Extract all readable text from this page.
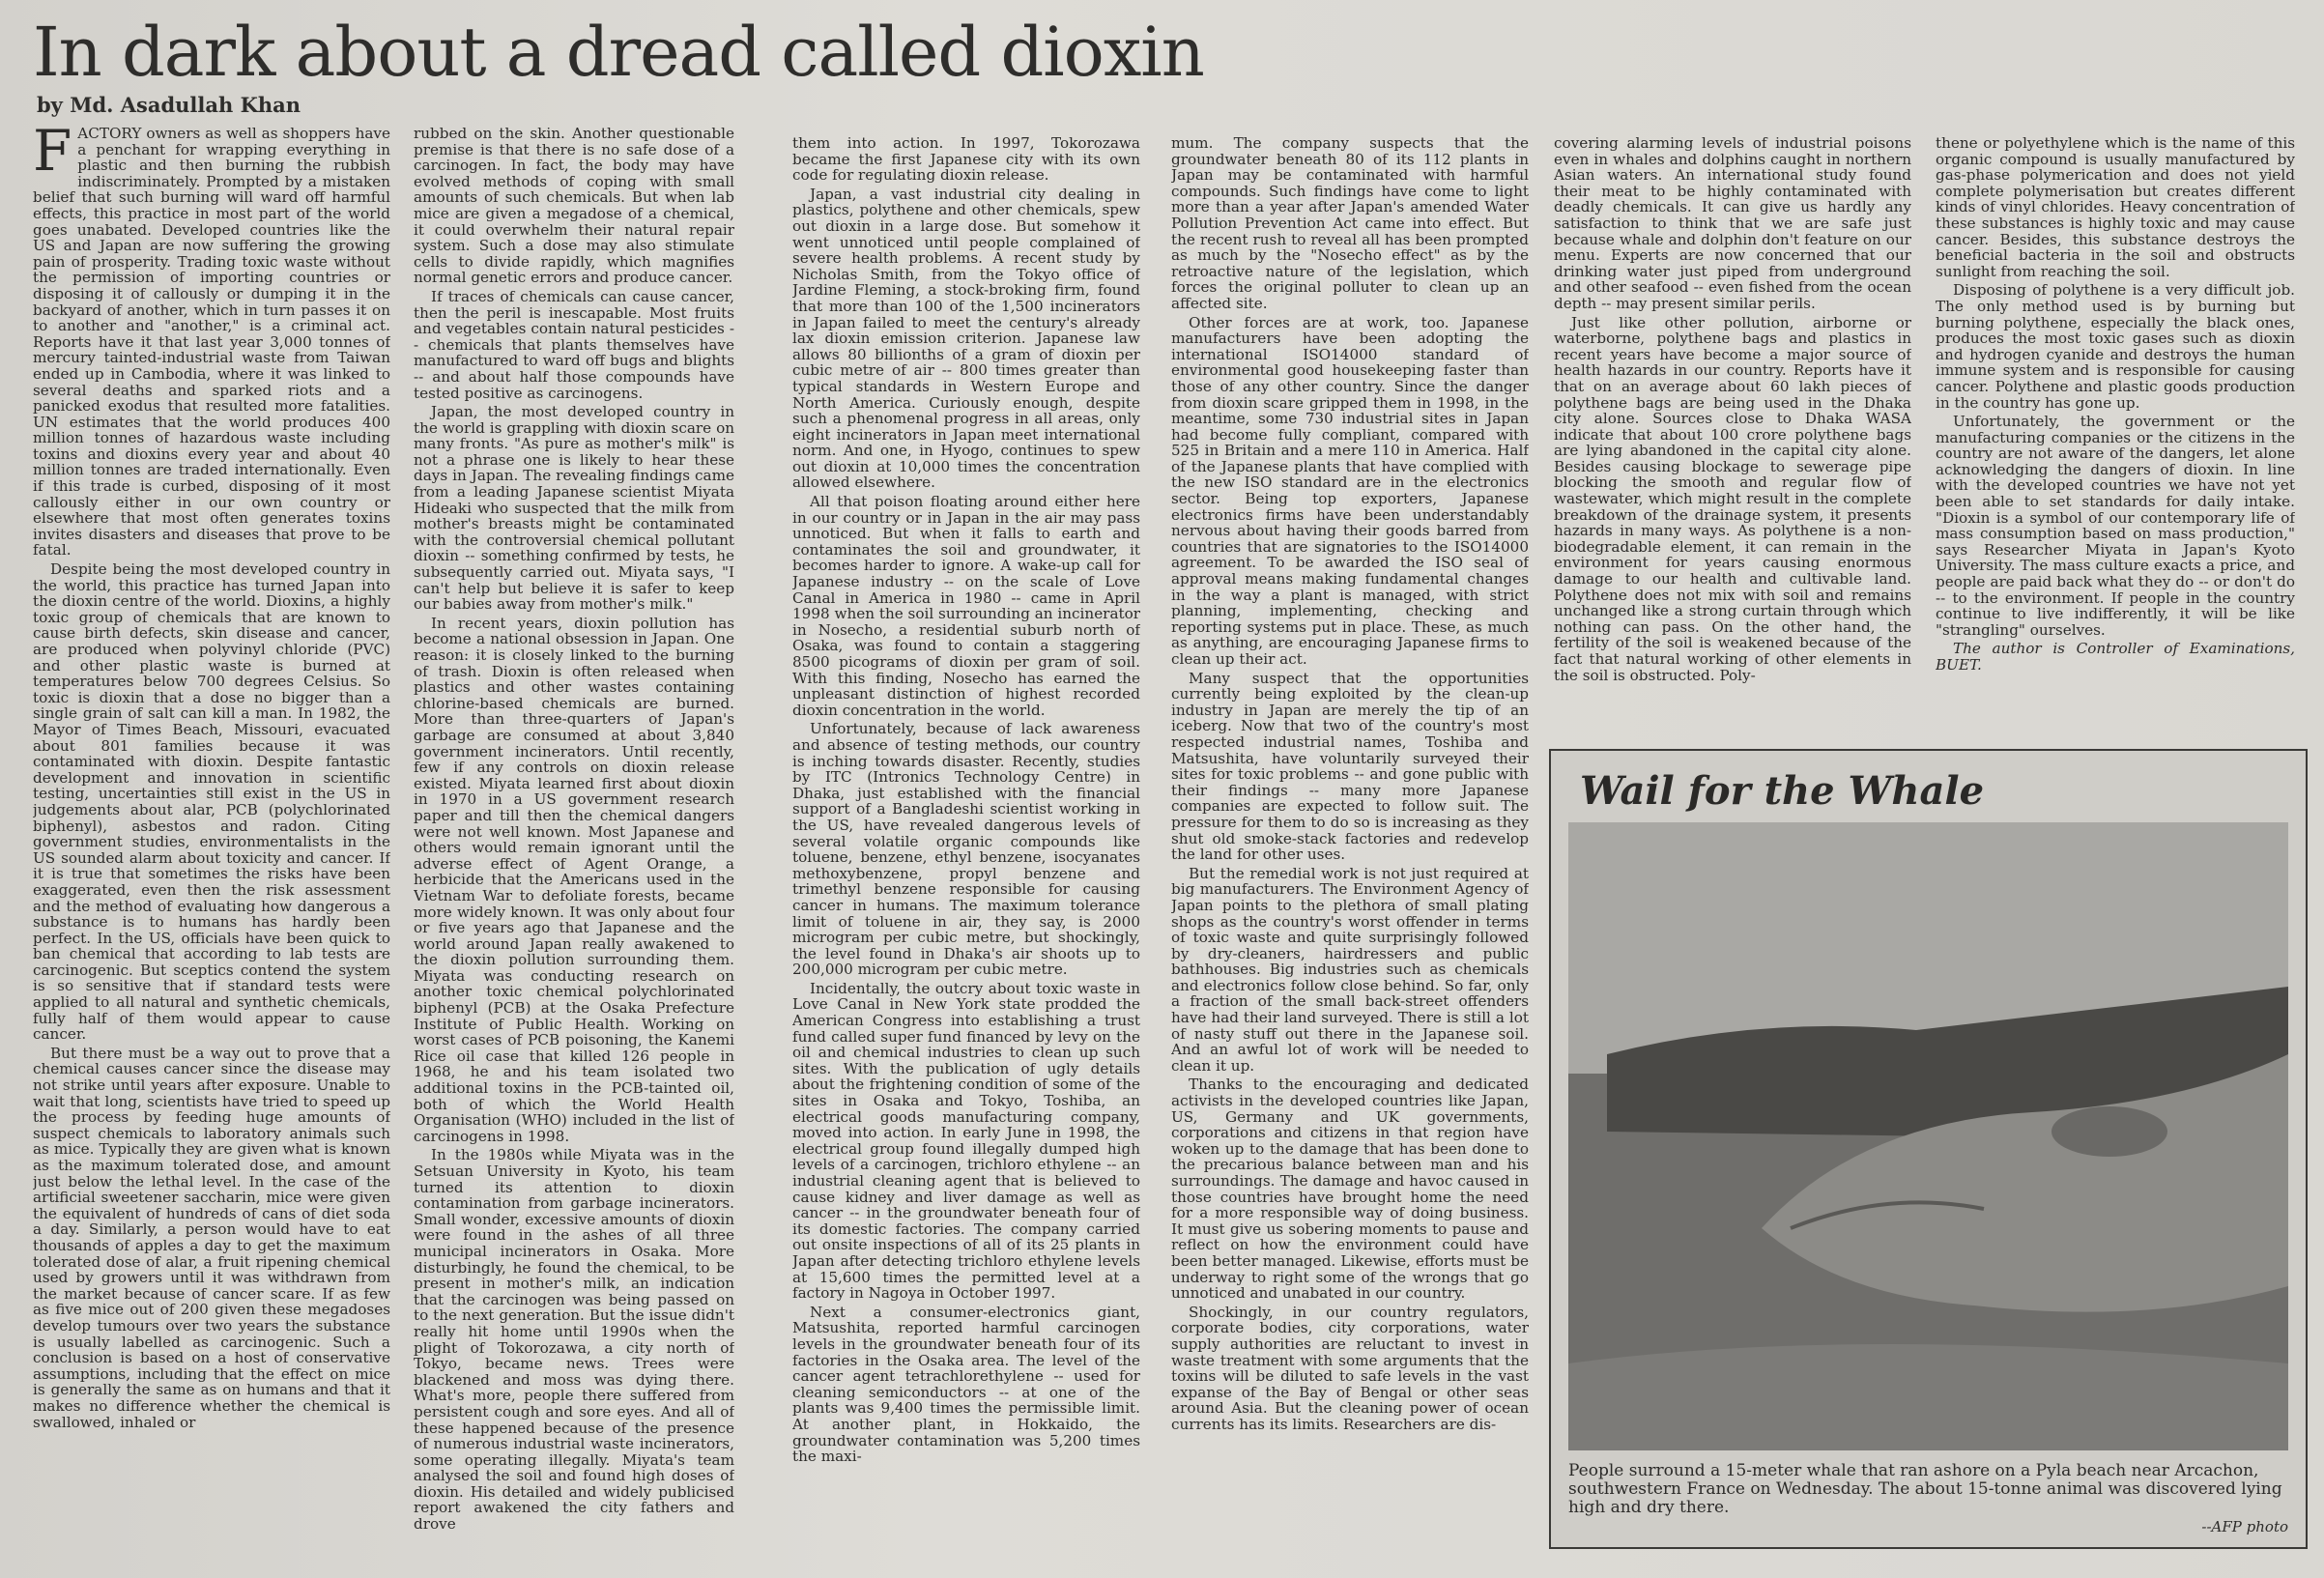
In dark about a dread called dioxin
by Md. Asadullah Khan

FACTORY owners as well as shoppers have a penchant for wrapping everything in plastic and then burning the rubbish indiscriminately. Prompted by a mistaken belief that such burning will ward off harmful effects, this practice in most part of the world goes unabated. Developed countries like the US and Japan are now suffering the growing pain of prosperity. Trading toxic waste without the permission of importing countries or disposing it of callously or dumping it in the backyard of another, which in turn passes it on to another and "another," is a criminal act. Reports have it that last year 3,000 tonnes of mercury tainted-industrial waste from Taiwan ended up in Cambodia, where it was linked to several deaths and sparked riots and a panicked exodus that resulted more fatalities. UN estimates that the world produces 400 million tonnes of hazardous waste including toxins and dioxins every year and about 40 million tonnes are traded internationally. Even if this trade is curbed, disposing of it most callously either in our own country or elsewhere that most often generates toxins invites disasters and diseases that prove to be fatal.

Despite being the most developed country in the world, this practice has turned Japan into the dioxin centre of the world. Dioxins, a highly toxic group of chemicals that are known to cause birth defects, skin disease and cancer, are produced when polyvinyl chloride (PVC) and other plastic waste is burned at temperatures below 700 degrees Celsius. So toxic is dioxin that a dose no bigger than a single grain of salt can kill a man. In 1982, the Mayor of Times Beach, Missouri, evacuated about 801 families because it was contaminated with dioxin. Despite fantastic development and innovation in scientific testing, uncertainties still exist in the US in judgements about alar, PCB (polychlorinated biphenyl), asbestos and radon. Citing government studies, environmentalists in the US sounded alarm about toxicity and cancer. If it is true that sometimes the risks have been exaggerated, even then the risk assessment and the method of evaluating how dangerous a substance is to humans has hardly been perfect. In the US, officials have been quick to ban chemical that according to lab tests are carcinogenic. But sceptics contend the system is so sensitive that if standard tests were applied to all natural and synthetic chemicals, fully half of them would appear to cause cancer.

But there must be a way out to prove that a chemical causes cancer since the disease may not strike until years after exposure. Unable to wait that long, scientists have tried to speed up the process by feeding huge amounts of suspect chemicals to laboratory animals such as mice. Typically they are given what is known as the maximum tolerated dose, and amount just below the lethal level. In the case of the artificial sweetener saccharin, mice were given the equivalent of hundreds of cans of diet soda a day. Similarly, a person would have to eat thousands of apples a day to get the maximum tolerated dose of alar, a fruit ripening chemical used by growers until it was withdrawn from the market because of cancer scare. If as few as five mice out of 200 given these megadoses develop tumours over two years the substance is usually labelled as carcinogenic. Such a conclusion is based on a host of conservative assumptions, including that the effect on mice is generally the same as on humans and that it makes no difference whether the chemical is swallowed, inhaled or

rubbed on the skin. Another questionable premise is that there is no safe dose of a carcinogen. In fact, the body may have evolved methods of coping with small amounts of such chemicals. But when lab mice are given a megadose of a chemical, it could overwhelm their natural repair system. Such a dose may also stimulate cells to divide rapidly, which magnifies normal genetic errors and produce cancer.

If traces of chemicals can cause cancer, then the peril is inescapable. Most fruits and vegetables contain natural pesticides -- chemicals that plants themselves have manufactured to ward off bugs and blights -- and about half those compounds have tested positive as carcinogens.

Japan, the most developed country in the world is grappling with dioxin scare on many fronts. "As pure as mother's milk" is not a phrase one is likely to hear these days in Japan. The revealing findings came from a leading Japanese scientist Miyata Hideaki who suspected that the milk from mother's breasts might be contaminated with the controversial chemical pollutant dioxin -- something confirmed by tests, he subsequently carried out. Miyata says, "I can't help but believe it is safer to keep our babies away from mother's milk."

In recent years, dioxin pollution has become a national obsession in Japan. One reason: it is closely linked to the burning of trash. Dioxin is often released when plastics and other wastes containing chlorine-based chemicals are burned. More than three-quarters of Japan's garbage are consumed at about 3,840 government incinerators. Until recently, few if any controls on dioxin release existed. Miyata learned first about dioxin in 1970 in a US government research paper and till then the chemical dangers were not well known. Most Japanese and others would remain ignorant until the adverse effect of Agent Orange, a herbicide that the Americans used in the Vietnam War to defoliate forests, became more widely known. It was only about four or five years ago that Japanese and the world around Japan really awakened to the dioxin pollution surrounding them. Miyata was conducting research on another toxic chemical polychlorinated biphenyl (PCB) at the Osaka Prefecture Institute of Public Health. Working on worst cases of PCB poisoning, the Kanemi Rice oil case that killed 126 people in 1968, he and his team isolated two additional toxins in the PCB-tainted oil, both of which the World Health Organisation (WHO) included in the list of carcinogens in 1998.

In the 1980s while Miyata was in the Setsuan University in Kyoto, his team turned its attention to dioxin contamination from garbage incinerators. Small wonder, excessive amounts of dioxin were found in the ashes of all three municipal incinerators in Osaka. More disturbingly, he found the chemical, to be present in mother's milk, an indication that the carcinogen was being passed on to the next generation. But the issue didn't really hit home until 1990s when the plight of Tokorozawa, a city north of Tokyo, became news. Trees were blackened and moss was dying there. What's more, people there suffered from persistent cough and sore eyes. And all of these happened because of the presence of numerous industrial waste incinerators, some operating illegally. Miyata's team analysed the soil and found high doses of dioxin. His detailed and widely publicised report awakened the city fathers and drove

them into action. In 1997, Tokorozawa became the first Japanese city with its own code for regulating dioxin release.

Japan, a vast industrial city dealing in plastics, polythene and other chemicals, spew out dioxin in a large dose. But somehow it went unnoticed until people complained of severe health problems. A recent study by Nicholas Smith, from the Tokyo office of Jardine Fleming, a stock-broking firm, found that more than 100 of the 1,500 incinerators in Japan failed to meet the century's already lax dioxin emission criterion. Japanese law allows 80 billionths of a gram of dioxin per cubic metre of air -- 800 times greater than typical standards in Western Europe and North America. Curiously enough, despite such a phenomenal progress in all areas, only eight incinerators in Japan meet international norm. And one, in Hyogo, continues to spew out dioxin at 10,000 times the concentration allowed elsewhere.

All that poison floating around either here in our country or in Japan in the air may pass unnoticed. But when it falls to earth and contaminates the soil and groundwater, it becomes harder to ignore. A wake-up call for Japanese industry -- on the scale of Love Canal in America in 1980 -- came in April 1998 when the soil surrounding an incinerator in Nosecho, a residential suburb north of Osaka, was found to contain a staggering 8500 picograms of dioxin per gram of soil. With this finding, Nosecho has earned the unpleasant distinction of highest recorded dioxin concentration in the world.

Unfortunately, because of lack awareness and absence of testing methods, our country is inching towards disaster. Recently, studies by ITC (Intronics Technology Centre) in Dhaka, just established with the financial support of a Bangladeshi scientist working in the US, have revealed dangerous levels of several volatile organic compounds like toluene, benzene, ethyl benzene, isocyanates methoxybenzene, propyl benzene and trimethyl benzene responsible for causing cancer in humans. The maximum tolerance limit of toluene in air, they say, is 2000 microgram per cubic metre, but shockingly, the level found in Dhaka's air shoots up to 200,000 microgram per cubic metre.

Incidentally, the outcry about toxic waste in Love Canal in New York state prodded the American Congress into establishing a trust fund called super fund financed by levy on the oil and chemical industries to clean up such sites. With the publication of ugly details about the frightening condition of some of the sites in Osaka and Tokyo, Toshiba, an electrical goods manufacturing company, moved into action. In early June in 1998, the electrical group found illegally dumped high levels of a carcinogen, trichloro ethylene -- an industrial cleaning agent that is believed to cause kidney and liver damage as well as cancer -- in the groundwater beneath four of its domestic factories. The company carried out onsite inspections of all of its 25 plants in Japan after detecting trichloro ethylene levels at 15,600 times the permitted level at a factory in Nagoya in October 1997.

Next a consumer-electronics giant, Matsushita, reported harmful carcinogen levels in the groundwater beneath four of its factories in the Osaka area. The level of the cancer agent tetrachlorethylene -- used for cleaning semiconductors -- at one of the plants was 9,400 times the permissible limit. At another plant, in Hokkaido, the groundwater contamination was 5,200 times the maxi-

mum. The company suspects that the groundwater beneath 80 of its 112 plants in Japan may be contaminated with harmful compounds. Such findings have come to light more than a year after Japan's amended Water Pollution Prevention Act came into effect. But the recent rush to reveal all has been prompted as much by the "Nosecho effect" as by the retroactive nature of the legislation, which forces the original polluter to clean up an affected site.

Other forces are at work, too. Japanese manufacturers have been adopting the international ISO14000 standard of environmental good housekeeping faster than those of any other country. Since the danger from dioxin scare gripped them in 1998, in the meantime, some 730 industrial sites in Japan had become fully compliant, compared with 525 in Britain and a mere 110 in America. Half of the Japanese plants that have complied with the new ISO standard are in the electronics sector. Being top exporters, Japanese electronics firms have been understandably nervous about having their goods barred from countries that are signatories to the ISO14000 agreement. To be awarded the ISO seal of approval means making fundamental changes in the way a plant is managed, with strict planning, implementing, checking and reporting systems put in place. These, as much as anything, are encouraging Japanese firms to clean up their act.

Many suspect that the opportunities currently being exploited by the clean-up industry in Japan are merely the tip of an iceberg. Now that two of the country's most respected industrial names, Toshiba and Matsushita, have voluntarily surveyed their sites for toxic problems -- and gone public with their findings -- many more Japanese companies are expected to follow suit. The pressure for them to do so is increasing as they shut old smoke-stack factories and redevelop the land for other uses.

But the remedial work is not just required at big manufacturers. The Environment Agency of Japan points to the plethora of small plating shops as the country's worst offender in terms of toxic waste and quite surprisingly followed by dry-cleaners, hairdressers and public bathhouses. Big industries such as chemicals and electronics follow close behind. So far, only a fraction of the small back-street offenders have had their land surveyed. There is still a lot of nasty stuff out there in the Japanese soil. And an awful lot of work will be needed to clean it up.

Thanks to the encouraging and dedicated activists in the developed countries like Japan, US, Germany and UK governments, corporations and citizens in that region have woken up to the damage that has been done to the precarious balance between man and his surroundings. The damage and havoc caused in those countries have brought home the need for a more responsible way of doing business. It must give us sobering moments to pause and reflect on how the environment could have been better managed. Likewise, efforts must be underway to right some of the wrongs that go unnoticed and unabated in our country.

Shockingly, in our country regulators, corporate bodies, city corporations, water supply authorities are reluctant to invest in waste treatment with some arguments that the toxins will be diluted to safe levels in the vast expanse of the Bay of Bengal or other seas around Asia. But the cleaning power of ocean currents has its limits. Researchers are dis-

covering alarming levels of industrial poisons even in whales and dolphins caught in northern Asian waters. An international study found their meat to be highly contaminated with deadly chemicals. It can give us hardly any satisfaction to think that we are safe just because whale and dolphin don't feature on our menu. Experts are now concerned that our drinking water just piped from underground and other seafood -- even fished from the ocean depth -- may present similar perils.

Just like other pollution, airborne or waterborne, polythene bags and plastics in recent years have become a major source of health hazards in our country. Reports have it that on an average about 60 lakh pieces of polythene bags are being used in the Dhaka city alone. Sources close to Dhaka WASA indicate that about 100 crore polythene bags are lying abandoned in the capital city alone. Besides causing blockage to sewerage pipe blocking the smooth and regular flow of wastewater, which might result in the complete breakdown of the drainage system, it presents hazards in many ways. As polythene is a non-biodegradable element, it can remain in the environment for years causing enormous damage to our health and cultivable land. Polythene does not mix with soil and remains unchanged like a strong curtain through which nothing can pass. On the other hand, the fertility of the soil is weakened because of the fact that natural working of other elements in the soil is obstructed. Poly-

thene or polyethylene which is the name of this organic compound is usually manufactured by gas-phase polymerication and does not yield complete polymerisation but creates different kinds of vinyl chlorides. Heavy concentration of these substances is highly toxic and may cause cancer. Besides, this substance destroys the beneficial bacteria in the soil and obstructs sunlight from reaching the soil.

Disposing of polythene is a very difficult job. The only method used is by burning but burning polythene, especially the black ones, produces the most toxic gases such as dioxin and hydrogen cyanide and destroys the human immune system and is responsible for causing cancer. Polythene and plastic goods production in the country has gone up.

Unfortunately, the government or the manufacturing companies or the citizens in the country are not aware of the dangers, let alone acknowledging the dangers of dioxin. In line with the developed countries we have not yet been able to set standards for daily intake. "Dioxin is a symbol of our contemporary life of mass consumption based on mass production," says Researcher Miyata in Japan's Kyoto University. The mass culture exacts a price, and people are paid back what they do -- or don't do -- to the environment. If people in the country continue to live indifferently, it will be like "strangling" ourselves.

The author is Controller of Examinations, BUET.

Wail for the Whale
People surround a 15-meter whale that ran ashore on a Pyla beach near Arcachon, southwestern France on Wednesday. The about 15-tonne animal was discovered lying high and dry there.
--AFP photo
